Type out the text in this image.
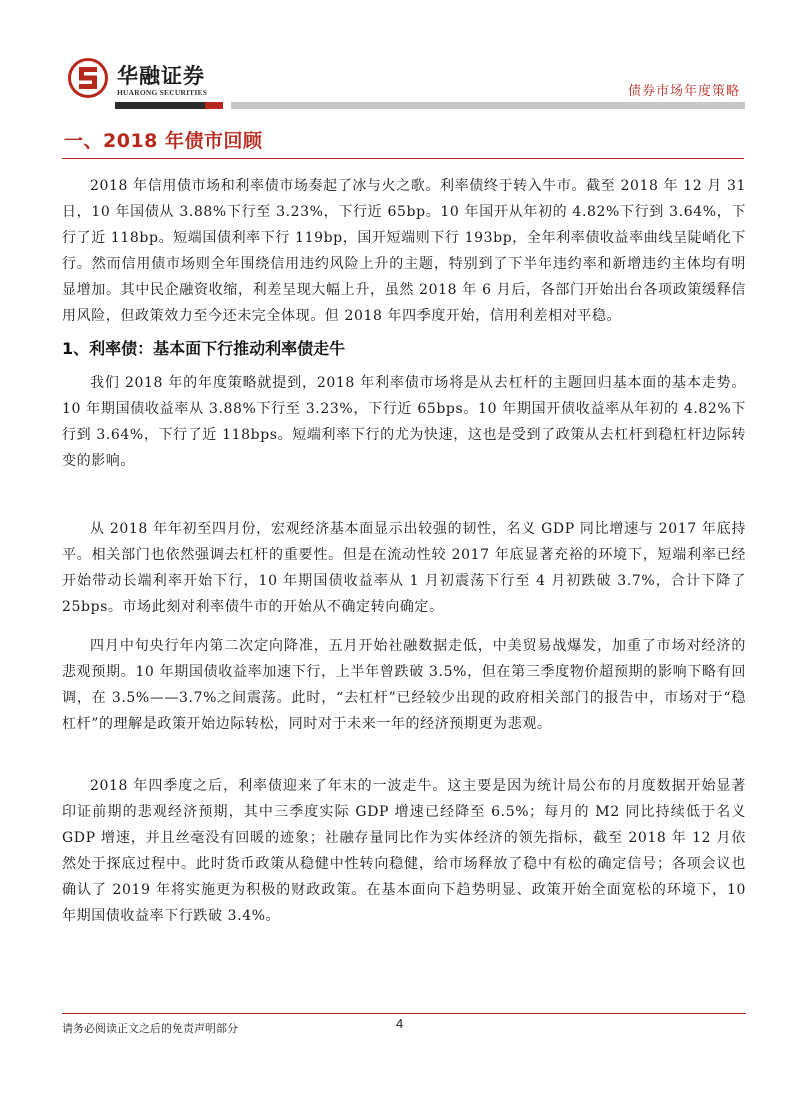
华融证券
HUARONG SECURITIES	债券市场年度策略
一、2018 年债市回顾

2018 年信用债市场和利率债市场奏起了冰与火之歌。利率债终于转入牛市。截至 2018 年 12 月 31 日，10 年国债从 3.88%下行至 3.23%，下行近 65bp。10 年国开从年初的 4.82%下行到 3.64%，下行了近 118bp。短端国债利率下行 119bp，国开短端则下行 193bp，全年利率债收益率曲线呈陡峭化下行。然而信用债市场则全年围绕信用违约风险上升的主题，特别到了下半年违约率和新增违约主体均有明显增加。其中民企融资收缩，利差呈现大幅上升，虽然 2018 年 6 月后，各部门开始出台各项政策缓释信用风险，但政策效力至今还未完全体现。但 2018 年四季度开始，信用利差相对平稳。

1、利率债：基本面下行推动利率债走牛

我们 2018 年的年度策略就提到，2018 年利率债市场将是从去杠杆的主题回归基本面的基本走势。10 年期国债收益率从 3.88%下行至 3.23%，下行近 65bps。10 年期国开债收益率从年初的 4.82%下行到 3.64%，下行了近 118bps。短端利率下行的尤为快速，这也是受到了政策从去杠杆到稳杠杆边际转变的影响。

从 2018 年年初至四月份，宏观经济基本面显示出较强的韧性，名义 GDP 同比增速与 2017 年底持平。相关部门也依然强调去杠杆的重要性。但是在流动性较 2017 年底显著充裕的环境下，短端利率已经开始带动长端利率开始下行，10 年期国债收益率从 1 月初震荡下行至 4 月初跌破 3.7%，合计下降了 25bps。市场此刻对利率债牛市的开始从不确定转向确定。

四月中旬央行年内第二次定向降准，五月开始社融数据走低，中美贸易战爆发，加重了市场对经济的悲观预期。10 年期国债收益率加速下行，上半年曾跌破 3.5%，但在第三季度物价超预期的影响下略有回调，在 3.5%——3.7%之间震荡。此时，“去杠杆”已经较少出现的政府相关部门的报告中，市场对于“稳杠杆”的理解是政策开始边际转松，同时对于未来一年的经济预期更为悲观。

2018 年四季度之后，利率债迎来了年末的一波走牛。这主要是因为统计局公布的月度数据开始显著印证前期的悲观经济预期，其中三季度实际 GDP 增速已经降至 6.5%；每月的 M2 同比持续低于名义 GDP 增速，并且丝毫没有回暖的迹象；社融存量同比作为实体经济的领先指标，截至 2018 年 12 月依然处于探底过程中。此时货币政策从稳健中性转向稳健，给市场释放了稳中有松的确定信号；各项会议也确认了 2019 年将实施更为积极的财政政策。在基本面向下趋势明显、政策开始全面宽松的环境下，10 年期国债收益率下行跌破 3.4%。

请务必阅读正文之后的免责声明部分	4
